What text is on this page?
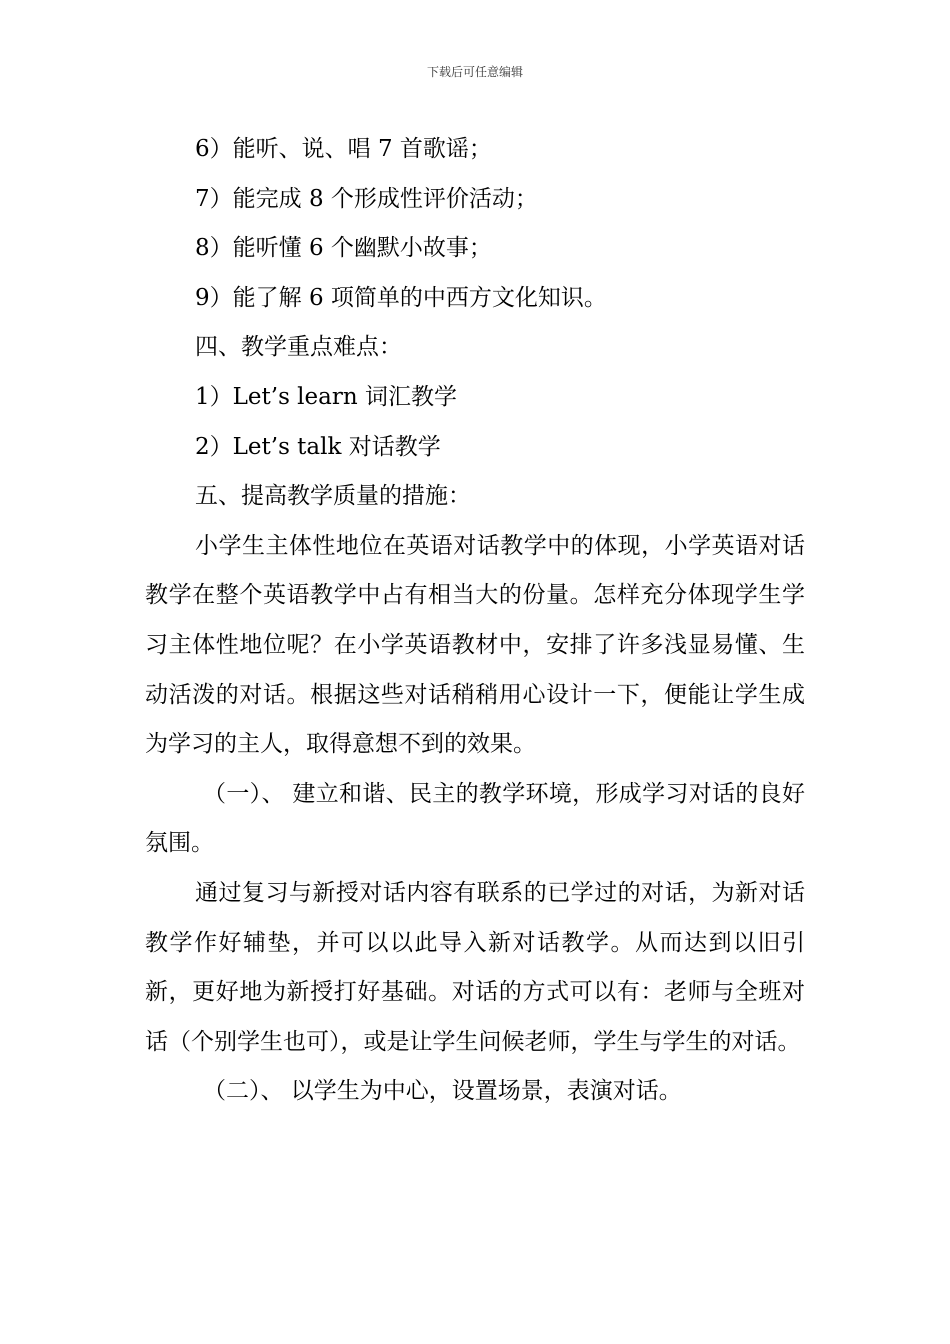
下载后可任意编辑

6）能听、说、唱 7 首歌谣；

7）能完成 8 个形成性评价活动；

8）能听懂 6 个幽默小故事；

9）能了解 6 项简单的中西方文化知识。

四、教学重点难点：

1）Let’s learn 词汇教学

2）Let’s talk 对话教学

五、提高教学质量的措施：

小学生主体性地位在英语对话教学中的体现，小学英语对话教学在整个英语教学中占有相当大的份量。怎样充分体现学生学习主体性地位呢？在小学英语教材中，安排了许多浅显易懂、生动活泼的对话。根据这些对话稍稍用心设计一下，便能让学生成为学习的主人，取得意想不到的效果。

（一）、 建立和谐、民主的教学环境，形成学习对话的良好氛围。

通过复习与新授对话内容有联系的已学过的对话，为新对话教学作好辅垫，并可以以此导入新对话教学。从而达到以旧引新，更好地为新授打好基础。对话的方式可以有：老师与全班对话（个别学生也可），或是让学生问候老师，学生与学生的对话。

（二）、 以学生为中心，设置场景，表演对话。
